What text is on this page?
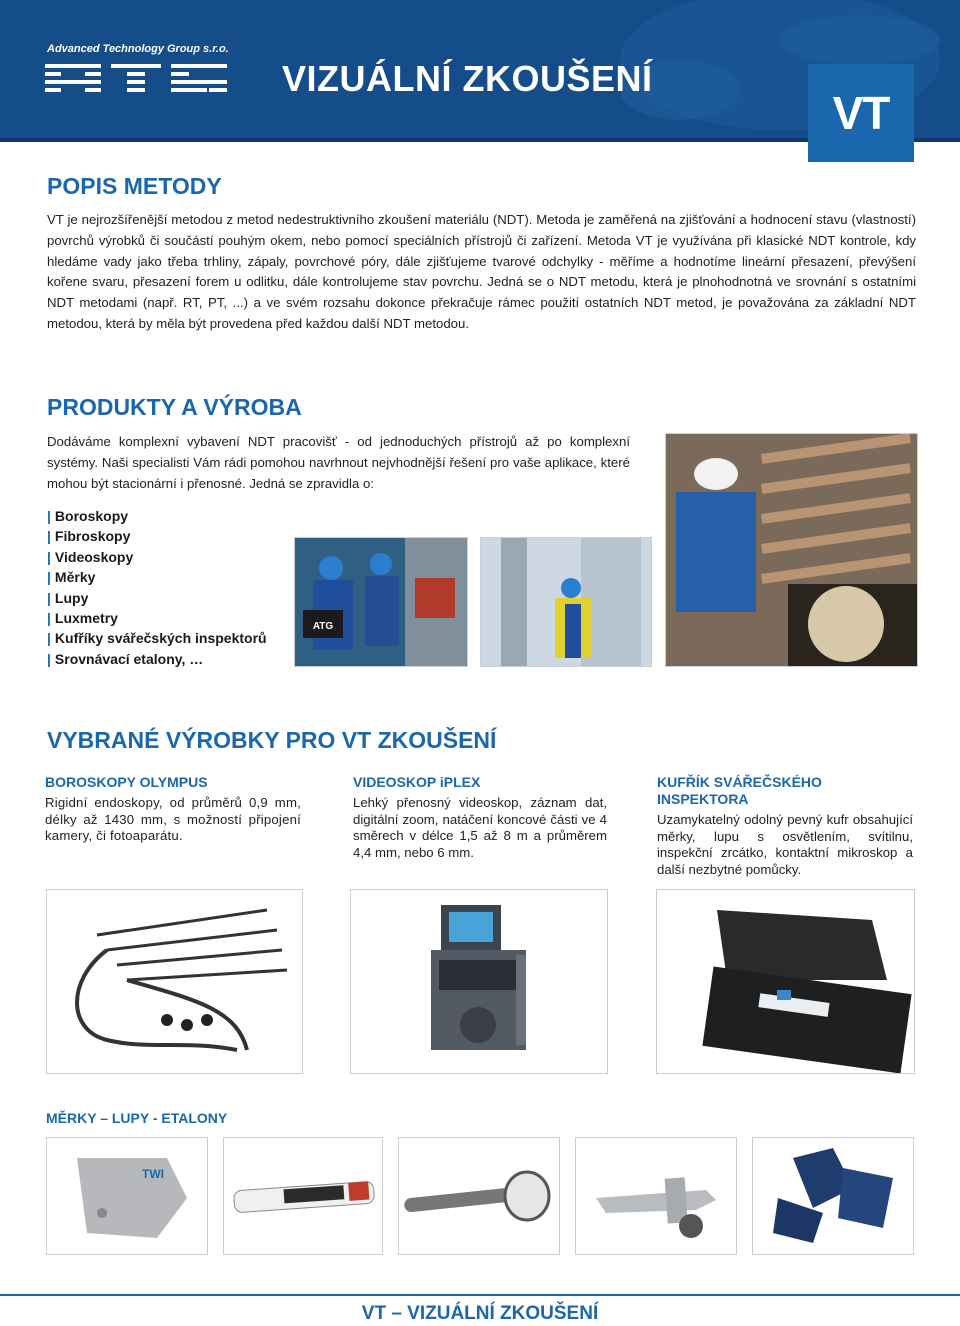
Advanced Technology Group s.r.o.
VIZUÁLNÍ ZKOUŠENÍ
VT
POPIS METODY
VT je nejrozšířenější metodou z metod nedestruktivního zkoušení materiálu (NDT). Metoda je zaměřená na zjišťování a hodnocení stavu (vlastností) povrchů výrobků či součástí pouhým okem, nebo pomocí speciálních přístrojů či zařízení. Metoda VT je využívána při klasické NDT kontrole, kdy hledáme vady jako třeba trhliny, zápaly, povrchové póry, dále zjišťujeme tvarové odchylky - měříme a hodnotíme lineární přesazení, převýšení kořene svaru, přesazení forem u odlitku, dále kontrolujeme stav povrchu. Jedná se o NDT metodu, která je plnohodnotná ve srovnání s ostatními NDT metodami (např. RT, PT, ...) a ve svém rozsahu dokonce překračuje rámec použití ostatních NDT metod, je považována za základní NDT metodou, která by měla být provedena před každou další NDT metodou.
PRODUKTY A VÝROBA
Dodáváme komplexní vybavení NDT pracovišť - od jednoduchých přístrojů až po komplexní systémy. Naši specialisti Vám rádi pomohou navrhnout nejvhodnější řešení pro vaše aplikace, které mohou být stacionární i přenosné. Jedná se zpravidla o:
| Boroskopy
| Fibroskopy
| Videoskopy
| Měrky
| Lupy
| Luxmetry
| Kufříky svářečských inspektorů
| Srovnávací etalony, …
ATG
VYBRANÉ VÝROBKY PRO VT ZKOUŠENÍ
BOROSKOPY OLYMPUS
Rigidní endoskopy, od průměrů 0,9 mm, délky až 1430 mm, s možností připojení kamery, či fotoaparátu.
VIDEOSKOP iPLEX
Lehký přenosný videoskop, záznam dat, digitální zoom, natáčení koncové části ve 4 směrech v délce 1,5 až 8 m a průměrem 4,4 mm, nebo 6 mm.
KUFŘÍK SVÁŘEČSKÉHO INSPEKTORA
Uzamykatelný odolný pevný kufr obsahující měrky, lupu s osvětlením, svítilnu, inspekční zrcátko, kontaktní mikroskop a další nezbytné pomůcky.
MĚRKY – LUPY - ETALONY
TWI
VT – VIZUÁLNÍ ZKOUŠENÍ
